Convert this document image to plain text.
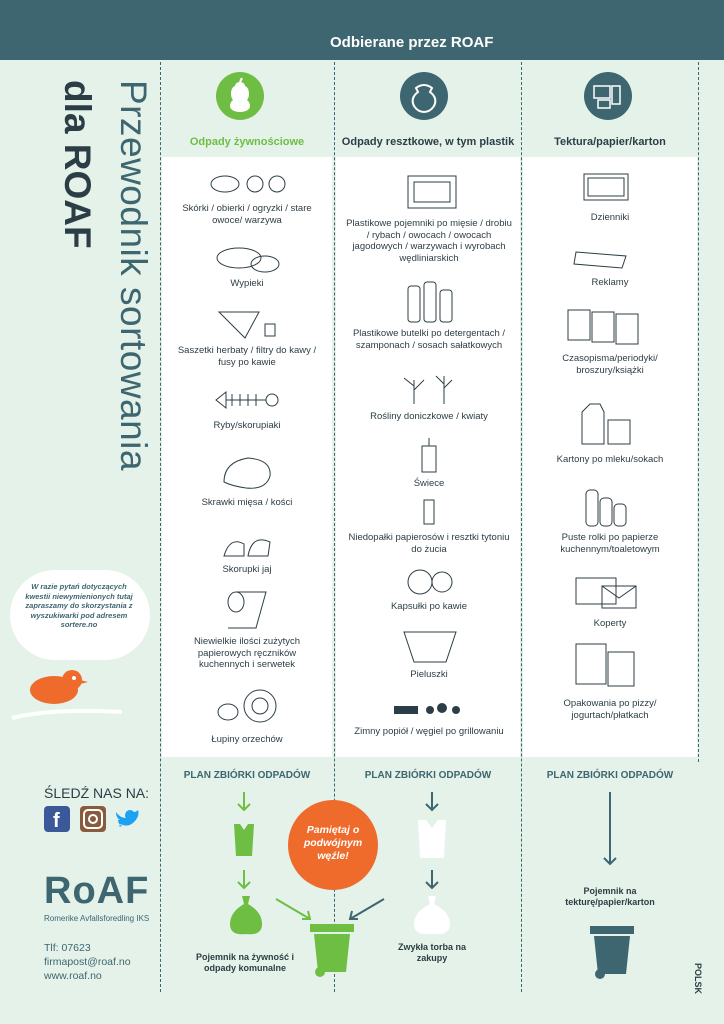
Odbierane przez ROAF
Przewodnik sortowania
dla ROAF	Odpady żywnościowe	Odpady resztkowe, w tym plastik	Tektura/papier/karton
Skórki / obierki / ogryzki / stare owoce/ warzywa
Wypieki
Saszetki herbaty / filtry do kawy / fusy po kawie
Ryby/skorupiaki
Skrawki mięsa / kości
Skorupki jaj
Niewielkie ilości zużytych papierowych ręczników kuchennych i serwetek
Łupiny orzechów
Plastikowe pojemniki po mięsie / drobiu / rybach / owocach / owocach jagodowych / warzywach i wyrobach wędliniarskich
Plastikowe butelki po detergentach / szamponach / sosach sałatkowych
Rośliny doniczkowe / kwiaty
Świece
Niedopałki papierosów i resztki tytoniu do żucia
Kapsułki po kawie
Pieluszki
Zimny popiół / węgiel po grillowaniu
Dzienniki
Reklamy
Czasopisma/periodyki/ broszury/książki
Kartony po mleku/sokach
Puste rolki po papierze kuchennym/toaletowym
Koperty
Opakowania po pizzy/ jogurtach/płatkach
PLAN ZBIÓRKI ODPADÓW	PLAN ZBIÓRKI ODPADÓW	PLAN ZBIÓRKI ODPADÓW
Pojemnik na żywność i odpady komunalne
Pamiętaj o podwójnym węźle!
Zwykła torba na zakupy
Pojemnik na tekturę/papier/karton
W razie pytań dotyczących kwestii niewymienionych tutaj zapraszamy do skorzystania z wyszukiwarki pod adresem sortere.no
ŚLEDŹ NAS NA:
f
RoAF
Romerike Avfallsforedling IKS
Tlf: 07623
firmapost@roaf.no
www.roaf.no	POLSK
